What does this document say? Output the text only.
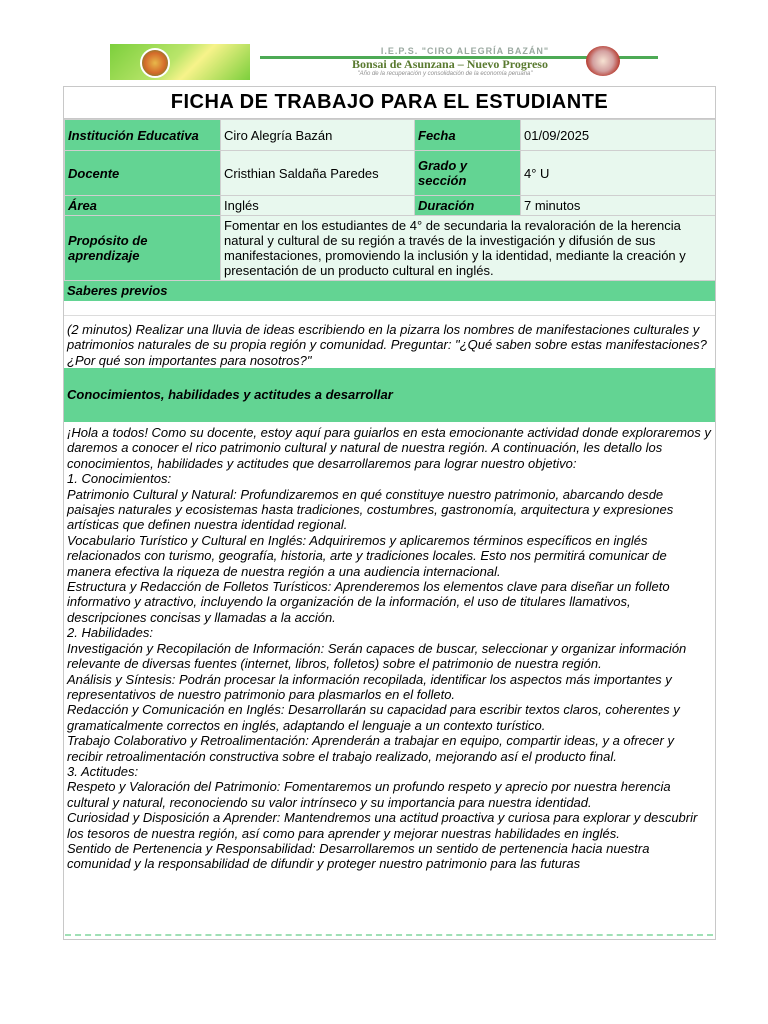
I.E.P.S. "CIRO ALEGRÍA BAZÁN"
Bonsai de Asunzana – Nuevo Progreso
"Año de la recuperación y consolidación de la economía peruana"
FICHA DE TRABAJO PARA EL ESTUDIANTE
Institución Educativa	Ciro Alegría Bazán	Fecha	01/09/2025
Docente	Cristhian Saldaña Paredes	Grado y sección	4° U
Área	Inglés	Duración	7 minutos
Propósito de aprendizaje	Fomentar en los estudiantes de 4° de secundaria la revaloración de la herencia natural y cultural de su región a través de la investigación y difusión de sus manifestaciones, promoviendo la inclusión y la identidad, mediante la creación y presentación de un producto cultural en inglés.		
Saberes previos
(2 minutos) Realizar una lluvia de ideas escribiendo en la pizarra los nombres de manifestaciones culturales y patrimonios naturales de su propia región y comunidad. Preguntar: "¿Qué saben sobre estas manifestaciones? ¿Por qué son importantes para nosotros?"
Conocimientos, habilidades y actitudes a desarrollar

¡Hola a todos! Como su docente, estoy aquí para guiarlos en esta emocionante actividad donde exploraremos y daremos a conocer el rico patrimonio cultural y natural de nuestra región. A continuación, les detallo los conocimientos, habilidades y actitudes que desarrollaremos para lograr nuestro objetivo:

1. Conocimientos:

Patrimonio Cultural y Natural: Profundizaremos en qué constituye nuestro patrimonio, abarcando desde paisajes naturales y ecosistemas hasta tradiciones, costumbres, gastronomía, arquitectura y expresiones artísticas que definen nuestra identidad regional.

Vocabulario Turístico y Cultural en Inglés: Adquiriremos y aplicaremos términos específicos en inglés relacionados con turismo, geografía, historia, arte y tradiciones locales. Esto nos permitirá comunicar de manera efectiva la riqueza de nuestra región a una audiencia internacional.

Estructura y Redacción de Folletos Turísticos: Aprenderemos los elementos clave para diseñar un folleto informativo y atractivo, incluyendo la organización de la información, el uso de titulares llamativos, descripciones concisas y llamadas a la acción.

2. Habilidades:

Investigación y Recopilación de Información: Serán capaces de buscar, seleccionar y organizar información relevante de diversas fuentes (internet, libros, folletos) sobre el patrimonio de nuestra región.

Análisis y Síntesis: Podrán procesar la información recopilada, identificar los aspectos más importantes y representativos de nuestro patrimonio para plasmarlos en el folleto.

Redacción y Comunicación en Inglés: Desarrollarán su capacidad para escribir textos claros, coherentes y gramaticalmente correctos en inglés, adaptando el lenguaje a un contexto turístico.

Trabajo Colaborativo y Retroalimentación: Aprenderán a trabajar en equipo, compartir ideas, y a ofrecer y recibir retroalimentación constructiva sobre el trabajo realizado, mejorando así el producto final.

3. Actitudes:

Respeto y Valoración del Patrimonio: Fomentaremos un profundo respeto y aprecio por nuestra herencia cultural y natural, reconociendo su valor intrínseco y su importancia para nuestra identidad.

Curiosidad y Disposición a Aprender: Mantendremos una actitud proactiva y curiosa para explorar y descubrir los tesoros de nuestra región, así como para aprender y mejorar nuestras habilidades en inglés.

Sentido de Pertenencia y Responsabilidad: Desarrollaremos un sentido de pertenencia hacia nuestra comunidad y la responsabilidad de difundir y proteger nuestro patrimonio para las futuras
